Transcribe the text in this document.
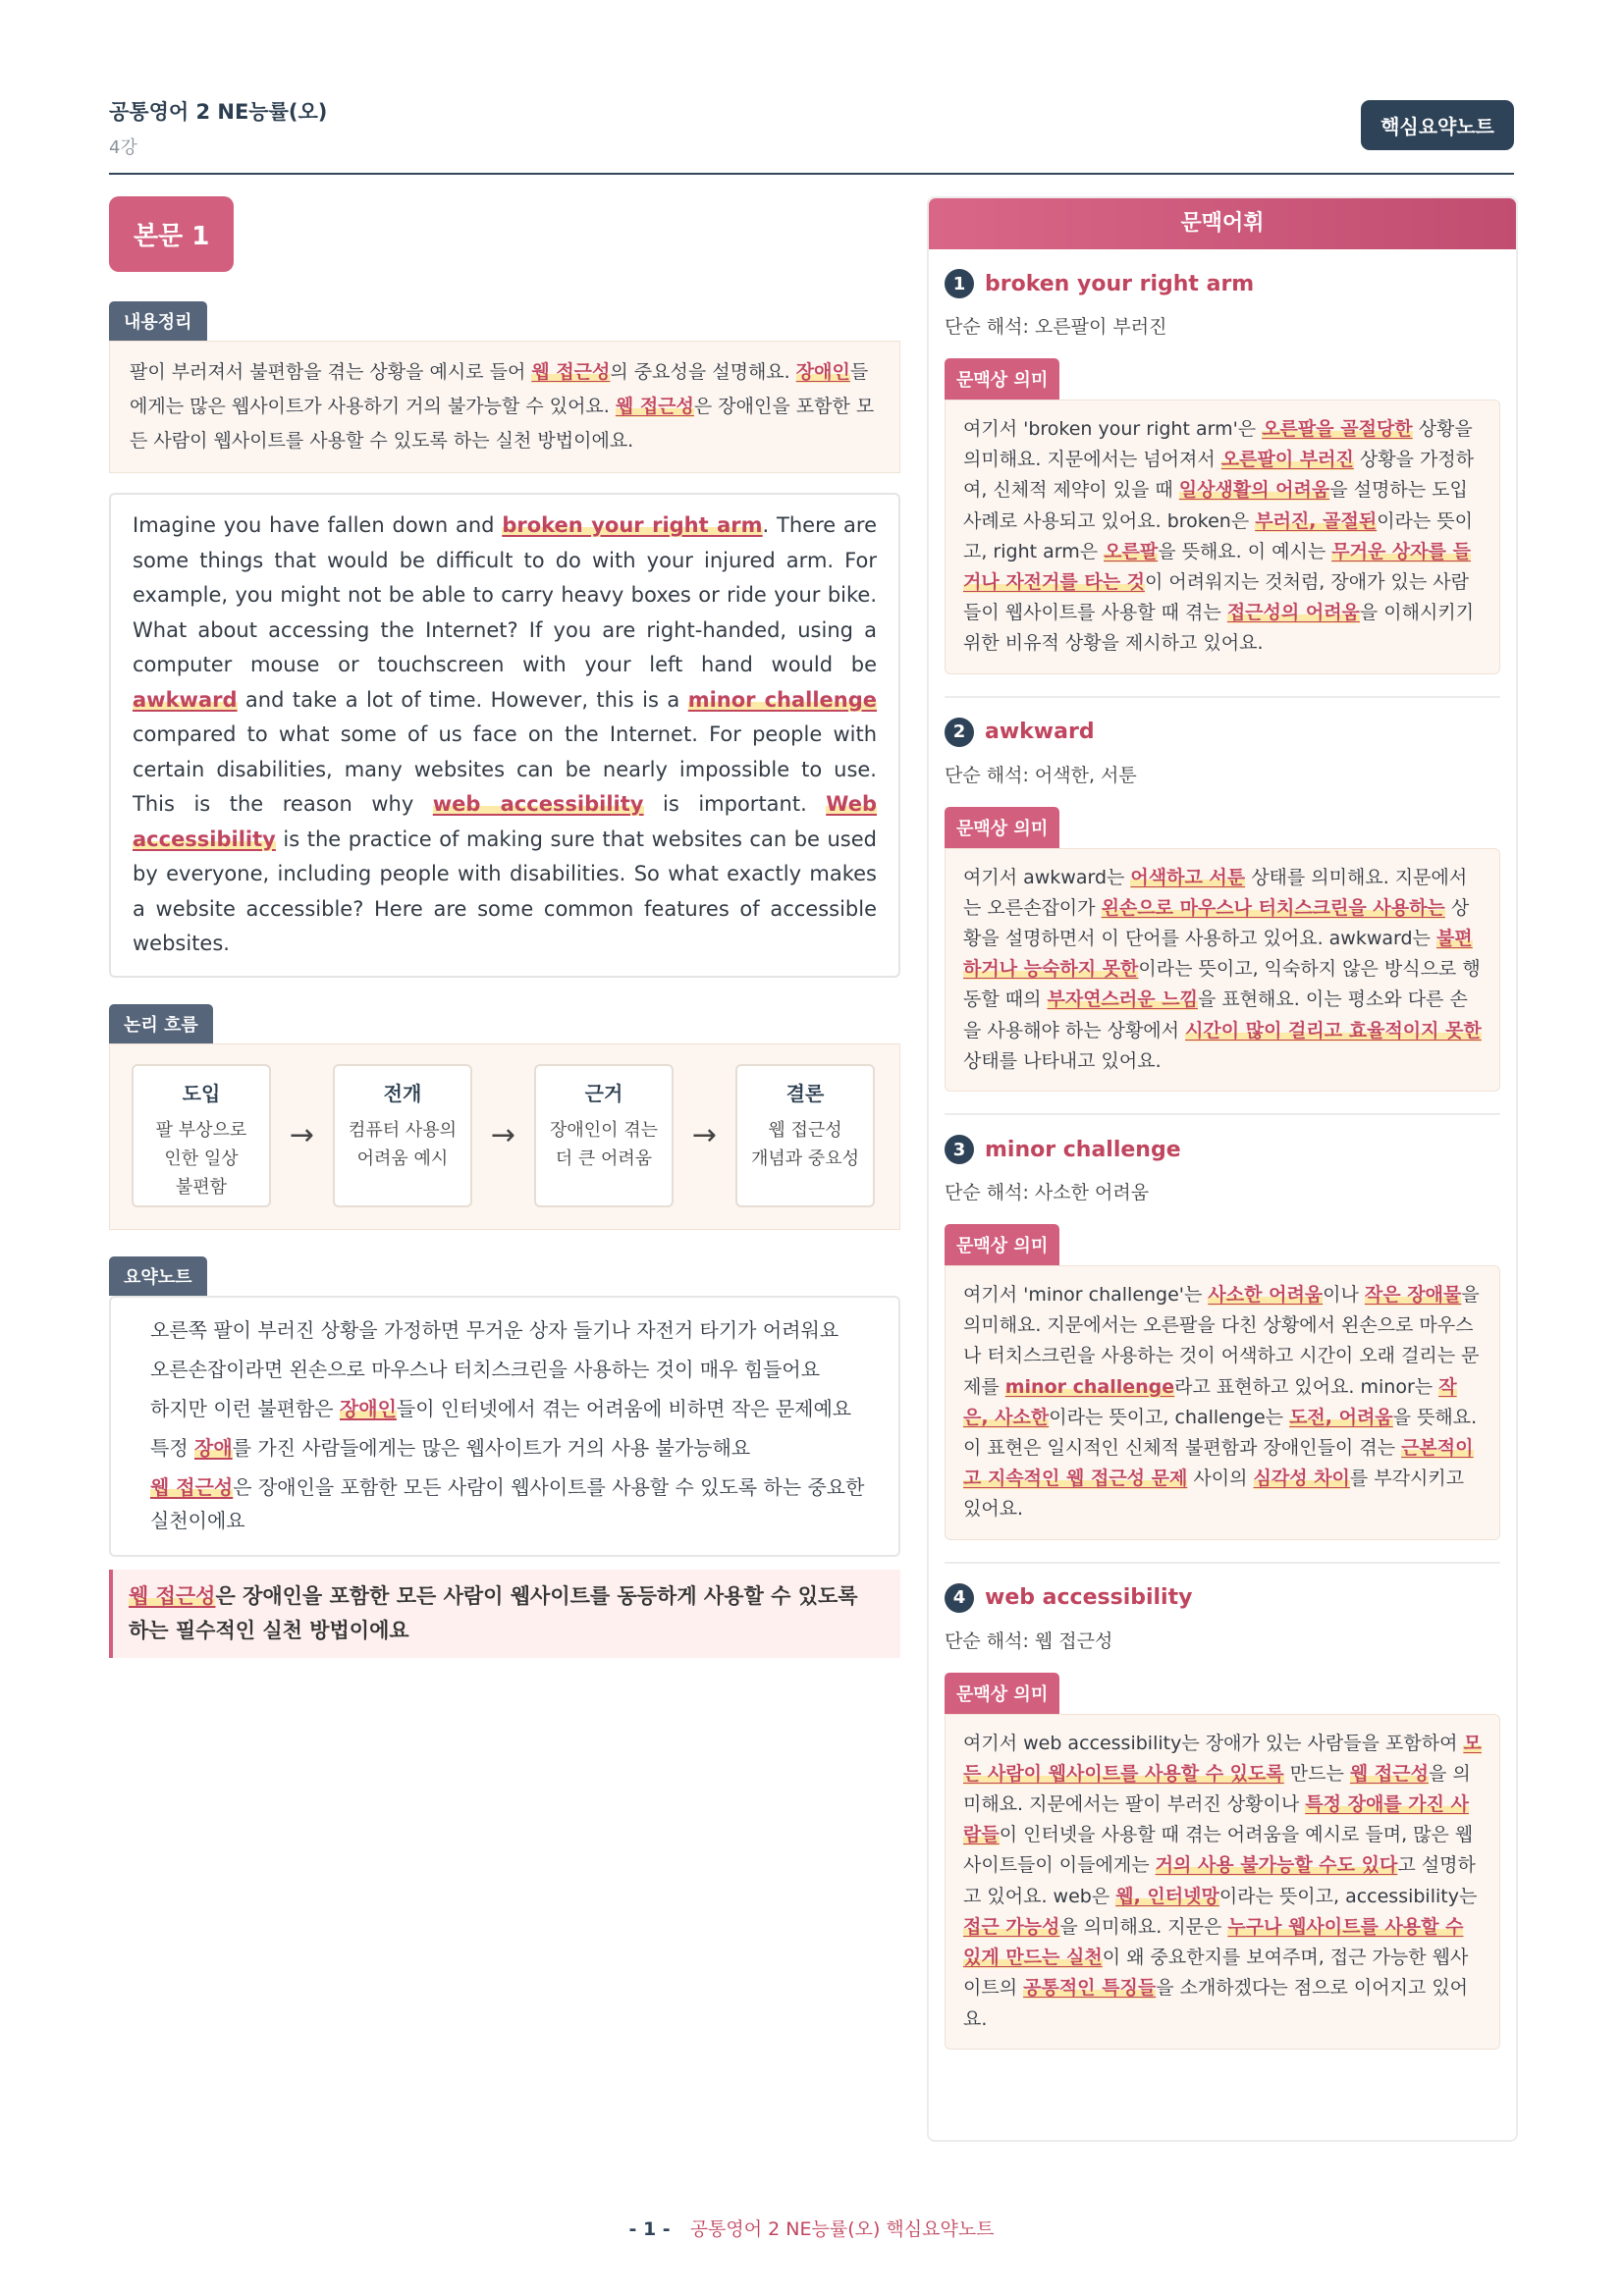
공통영어 2 NE능률(오)
4강
핵심요약노트
본문 1
내용정리
팔이 부러져서 불편함을 겪는 상황을 예시로 들어 웹 접근성의 중요성을 설명해요. 장애인들에게는 많은 웹사이트가 사용하기 거의 불가능할 수 있어요. 웹 접근성은 장애인을 포함한 모든 사람이 웹사이트를 사용할 수 있도록 하는 실천 방법이에요.
Imagine you have fallen down and broken your right arm. There are some things that would be difficult to do with your injured arm. For example, you might not be able to carry heavy boxes or ride your bike. What about accessing the Internet? If you are right-handed, using a computer mouse or touchscreen with your left hand would be awkward and take a lot of time. However, this is a minor challenge compared to what some of us face on the Internet. For people with certain disabilities, many websites can be nearly impossible to use. This is the reason why web accessibility is important. Web accessibility is the practice of making sure that websites can be used by everyone, including people with disabilities. So what exactly makes a website accessible? Here are some common features of accessible websites.
논리 흐름
도입
팔 부상으로
인한 일상
불편함
→
전개
컴퓨터 사용의
어려움 예시
→
근거
장애인이 겪는
더 큰 어려움
→
결론
웹 접근성
개념과 중요성
요약노트
오른쪽 팔이 부러진 상황을 가정하면 무거운 상자 들기나 자전거 타기가 어려워요
오른손잡이라면 왼손으로 마우스나 터치스크린을 사용하는 것이 매우 힘들어요
하지만 이런 불편함은 장애인들이 인터넷에서 겪는 어려움에 비하면 작은 문제예요
특정 장애를 가진 사람들에게는 많은 웹사이트가 거의 사용 불가능해요
웹 접근성은 장애인을 포함한 모든 사람이 웹사이트를 사용할 수 있도록 하는 중요한 실천이에요
웹 접근성은 장애인을 포함한 모든 사람이 웹사이트를 동등하게 사용할 수 있도록 하는 필수적인 실천 방법이에요
문맥어휘
1 broken your right arm
단순 해석: 오른팔이 부러진
문맥상 의미
여기서 'broken your right arm'은 오른팔을 골절당한 상황을 의미해요. 지문에서는 넘어져서 오른팔이 부러진 상황을 가정하여, 신체적 제약이 있을 때 일상생활의 어려움을 설명하는 도입 사례로 사용되고 있어요. broken은 부러진, 골절된이라는 뜻이고, right arm은 오른팔을 뜻해요. 이 예시는 무거운 상자를 들거나 자전거를 타는 것이 어려워지는 것처럼, 장애가 있는 사람들이 웹사이트를 사용할 때 겪는 접근성의 어려움을 이해시키기 위한 비유적 상황을 제시하고 있어요.
2 awkward
단순 해석: 어색한, 서툰
문맥상 의미
여기서 awkward는 어색하고 서툰 상태를 의미해요. 지문에서는 오른손잡이가 왼손으로 마우스나 터치스크린을 사용하는 상황을 설명하면서 이 단어를 사용하고 있어요. awkward는 불편하거나 능숙하지 못한이라는 뜻이고, 익숙하지 않은 방식으로 행동할 때의 부자연스러운 느낌을 표현해요. 이는 평소와 다른 손을 사용해야 하는 상황에서 시간이 많이 걸리고 효율적이지 못한 상태를 나타내고 있어요.
3 minor challenge
단순 해석: 사소한 어려움
문맥상 의미
여기서 'minor challenge'는 사소한 어려움이나 작은 장애물을 의미해요. 지문에서는 오른팔을 다친 상황에서 왼손으로 마우스나 터치스크린을 사용하는 것이 어색하고 시간이 오래 걸리는 문제를 minor challenge라고 표현하고 있어요. minor는 작은, 사소한이라는 뜻이고, challenge는 도전, 어려움을 뜻해요. 이 표현은 일시적인 신체적 불편함과 장애인들이 겪는 근본적이고 지속적인 웹 접근성 문제 사이의 심각성 차이를 부각시키고 있어요.
4 web accessibility
단순 해석: 웹 접근성
문맥상 의미
여기서 web accessibility는 장애가 있는 사람들을 포함하여 모든 사람이 웹사이트를 사용할 수 있도록 만드는 웹 접근성을 의미해요. 지문에서는 팔이 부러진 상황이나 특정 장애를 가진 사람들이 인터넷을 사용할 때 겪는 어려움을 예시로 들며, 많은 웹사이트들이 이들에게는 거의 사용 불가능할 수도 있다고 설명하고 있어요. web은 웹, 인터넷망이라는 뜻이고, accessibility는 접근 가능성을 의미해요. 지문은 누구나 웹사이트를 사용할 수 있게 만드는 실천이 왜 중요한지를 보여주며, 접근 가능한 웹사이트의 공통적인 특징들을 소개하겠다는 점으로 이어지고 있어요.
- 1 - 공통영어 2 NE능률(오) 핵심요약노트
